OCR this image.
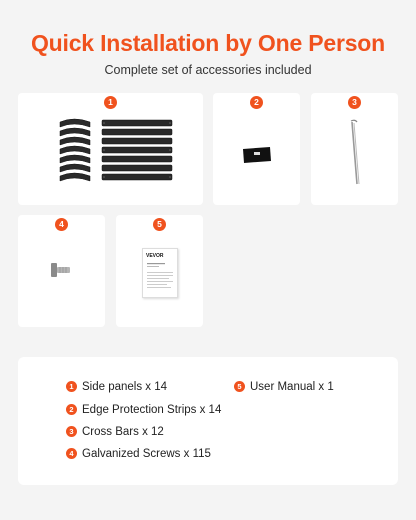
Quick Installation by One Person
Complete set of accessories included
1	2	3
4	5
VEVOR
1 Side panels x 14
2 Edge Protection Strips x 14
3 Cross Bars x 12
4 Galvanized Screws x 115
5 User Manual x 1
